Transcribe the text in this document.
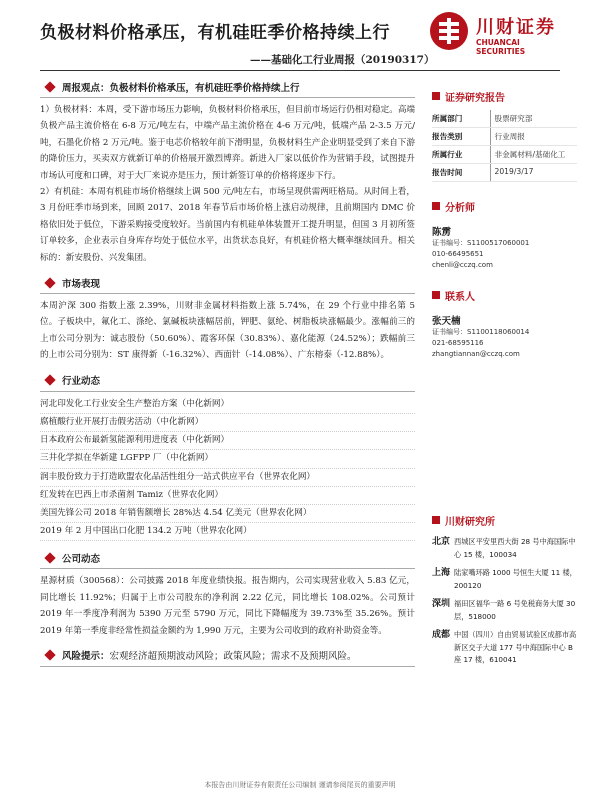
负极材料价格承压，有机硅旺季价格持续上行
——基础化工行业周报（20190317）
川财证券
CHUANCAI SECURITIES
周报观点：负极材料价格承压，有机硅旺季价格持续上行

1）负极材料：本周，受下游市场压力影响，负极材料价格承压，但目前市场运行仍相对稳定。高端负极产品主流价格在 6-8 万元/吨左右，中端产品主流价格在 4-6 万元/吨，低端产品 2-3.5 万元/吨，石墨化价格 2 万元/吨。鉴于电芯价格较年前下滑明显，负极材料生产企业明显受到了来自下游的降价压力，买卖双方就新订单的价格展开激烈博弈。新进入厂家以低价作为营销手段，试图提升市场认可度和口碑，对于大厂来说亦是压力，预计新签订单的价格将逐步下行。

2）有机硅：本周有机硅市场价格继续上调 500 元/吨左右，市场呈现供需两旺格局。从时间上看，3 月份旺季市场到来，回顾 2017、2018 年春节后市场价格上涨启动规律，且前期国内 DMC 价格依旧处于低位，下游采购接受度较好。当前国内有机硅单体装置开工提升明显，但国 3 月初所签订单较多，企业表示自身库存均处于低位水平，出货状态良好，有机硅价格大概率继续回升。相关标的：新安股份、兴发集团。

市场表现

本周沪深 300 指数上涨 2.39%，川财非金属材料指数上涨 5.74%，在 29 个行业中排名第 5 位。子板块中，氟化工、涤纶、氯碱板块涨幅居前，钾肥、氨纶、树脂板块涨幅最少。涨幅前三的上市公司分别为：诚志股份（50.60%）、霞客环保（30.83%）、嘉化能源（24.52%）；跌幅前三的上市公司分别为：ST 康得新（-16.32%）、西面针（-14.08%）、广东榕泰（-12.88%）。

行业动态
河北印发化工行业安全生产整治方案（中化新网）
腐植酸行业开展打击假劣活动（中化新网）
日本政府公布最新氢能源利用进度表（中化新网）
三井化学拟在华新建 LGFPP 厂（中化新网）
润丰股份致力于打造欧盟农化品活性组分一站式供应平台（世界农化网）
红发转在巴西上市杀菌剂 Tamiz（世界农化网）
美国先锋公司 2018 年销售额增长 28%达 4.54 亿美元（世界农化网）
2019 年 2 月中国出口化肥 134.2 万吨（世界农化网）
公司动态

星源材质（300568）：公司披露 2018 年度业绩快报。报告期内，公司实现营业收入 5.83 亿元，同比增长 11.92%；归属于上市公司股东的净利润 2.22 亿元，同比增长 108.02%。公司预计 2019 年一季度净利润为 5390 万元至 5790 万元，同比下降幅度为 39.73%至 35.26%。预计 2019 年第一季度非经常性损益金额约为 1,990 万元，主要为公司收到的政府补助资金等。

风险提示： 宏观经济超预期波动风险；政策风险；需求不及预期风险。
证券研究报告
所属部门	股票研究部
报告类别	行业周报
所属行业	非金属材料/基础化工
报告时间	2019/3/17
分析师
陈雳
证书编号：S1100517060001
010-66495651
chenli@cczq.com
联系人
张天楠
证书编号：S1100118060014
021-68595116
zhangtiannan@cczq.com
川财研究所
北京 西城区平安里西大街 28 号中海国际中心 15 楼，100034
上海 陆家嘴环路 1000 号恒生大厦 11 楼，200120
深圳 福田区福华一路 6 号免税商务大厦 30 层，518000
成都 中国（四川）自由贸易试验区成都市高新区交子大道 177 号中海国际中心 B 座 17 楼，610041
本报告由川财证券有限责任公司编制 谨请参阅尾页的重要声明
